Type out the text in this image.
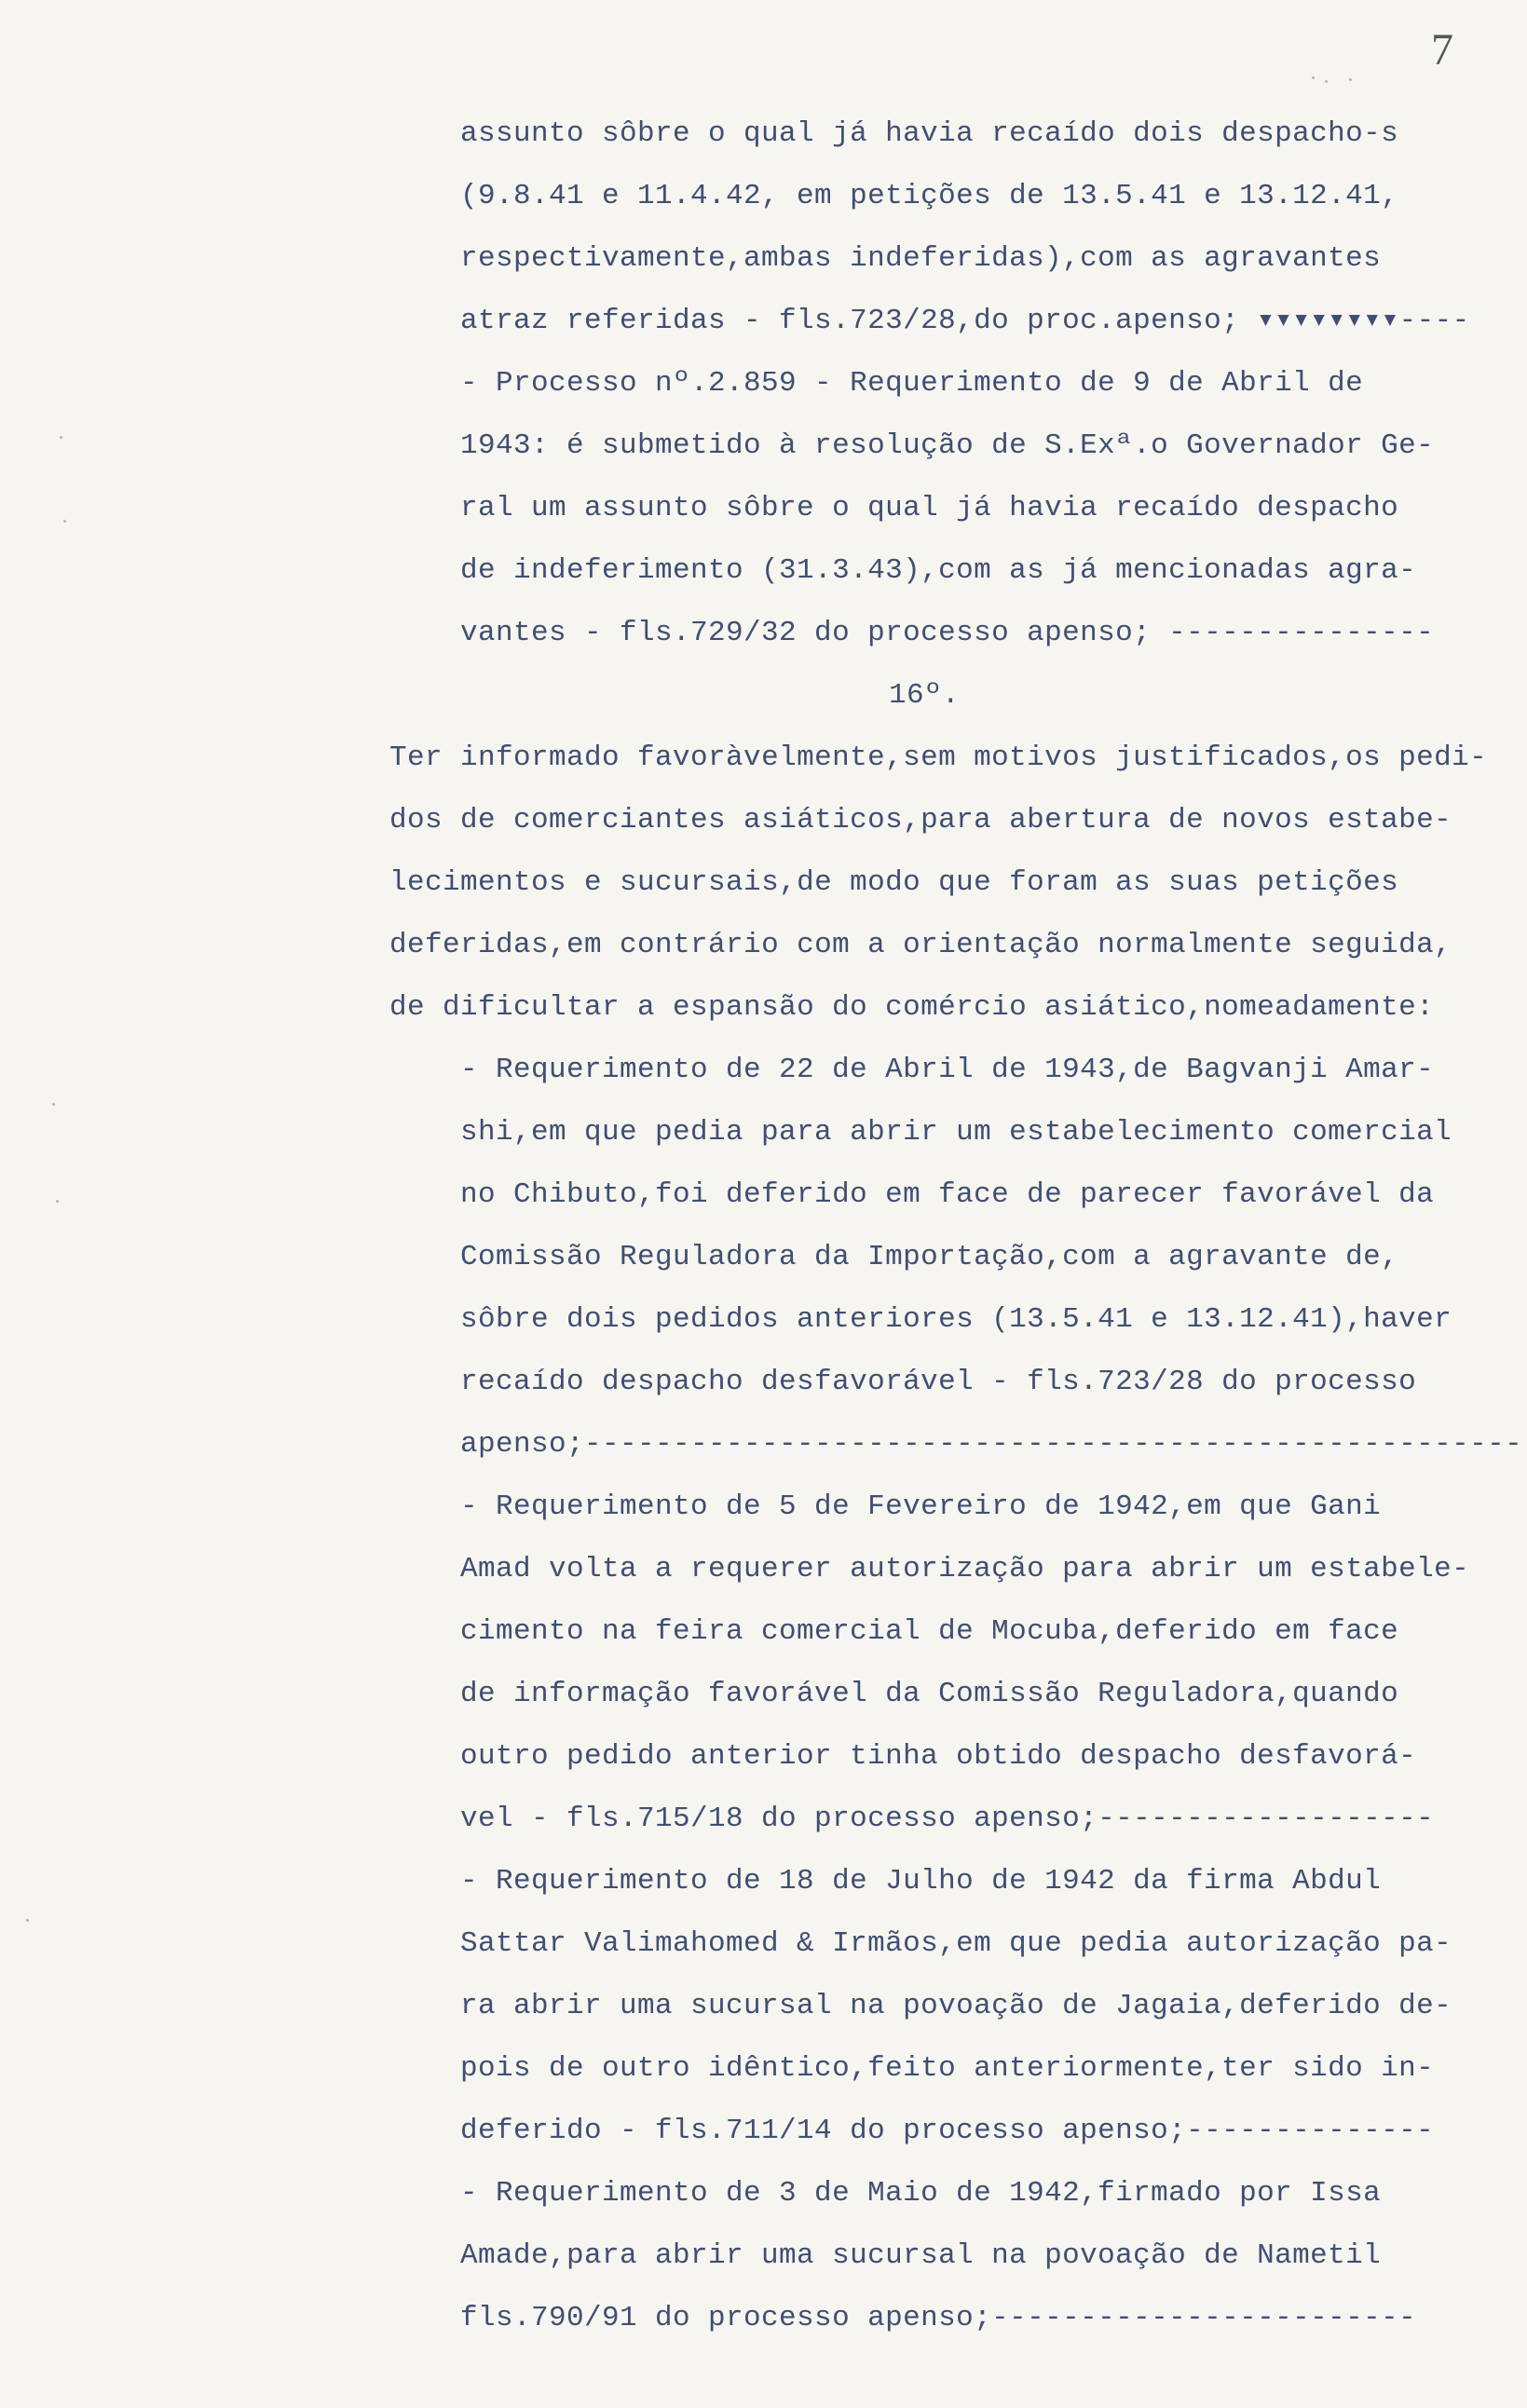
7
assunto sôbre o qual já havia recaído dois despacho-s
(9.8.41 e 11.4.42, em petições de 13.5.41 e 13.12.41,
respectivamente,ambas indeferidas),com as agravantes
atraz referidas - fls.723/28,do proc.apenso; ▾▾▾▾▾▾▾▾----
- Processo nº.2.859 - Requerimento de 9 de Abril de
1943: é submetido à resolução de S.Exª.o Governador Ge-
ral um assunto sôbre o qual já havia recaído despacho
de indeferimento (31.3.43),com as já mencionadas agra-
vantes - fls.729/32 do processo apenso; ---------------
16º.
Ter informado favoràvelmente,sem motivos justificados,os pedi-
dos de comerciantes asiáticos,para abertura de novos estabe-
lecimentos e sucursais,de modo que foram as suas petições
deferidas,em contrário com a orientação normalmente seguida,
de dificultar a espansão do comércio asiático,nomeadamente:
- Requerimento de 22 de Abril de 1943,de Bagvanji Amar-
shi,em que pedia para abrir um estabelecimento comercial
no Chibuto,foi deferido em face de parecer favorável da
Comissão Reguladora da Importação,com a agravante de,
sôbre dois pedidos anteriores (13.5.41 e 13.12.41),haver
recaído despacho desfavorável - fls.723/28 do processo
apenso;-----------------------------------------------------
- Requerimento de 5 de Fevereiro de 1942,em que Gani
Amad volta a requerer autorização para abrir um estabele-
cimento na feira comercial de Mocuba,deferido em face
de informação favorável da Comissão Reguladora,quando
outro pedido anterior tinha obtido despacho desfavorá-
vel - fls.715/18 do processo apenso;-------------------
- Requerimento de 18 de Julho de 1942 da firma Abdul
Sattar Valimahomed & Irmãos,em que pedia autorização pa-
ra abrir uma sucursal na povoação de Jagaia,deferido de-
pois de outro idêntico,feito anteriormente,ter sido in-
deferido - fls.711/14 do processo apenso;--------------
- Requerimento de 3 de Maio de 1942,firmado por Issa
Amade,para abrir uma sucursal na povoação de Nametil
fls.790/91 do processo apenso;------------------------
